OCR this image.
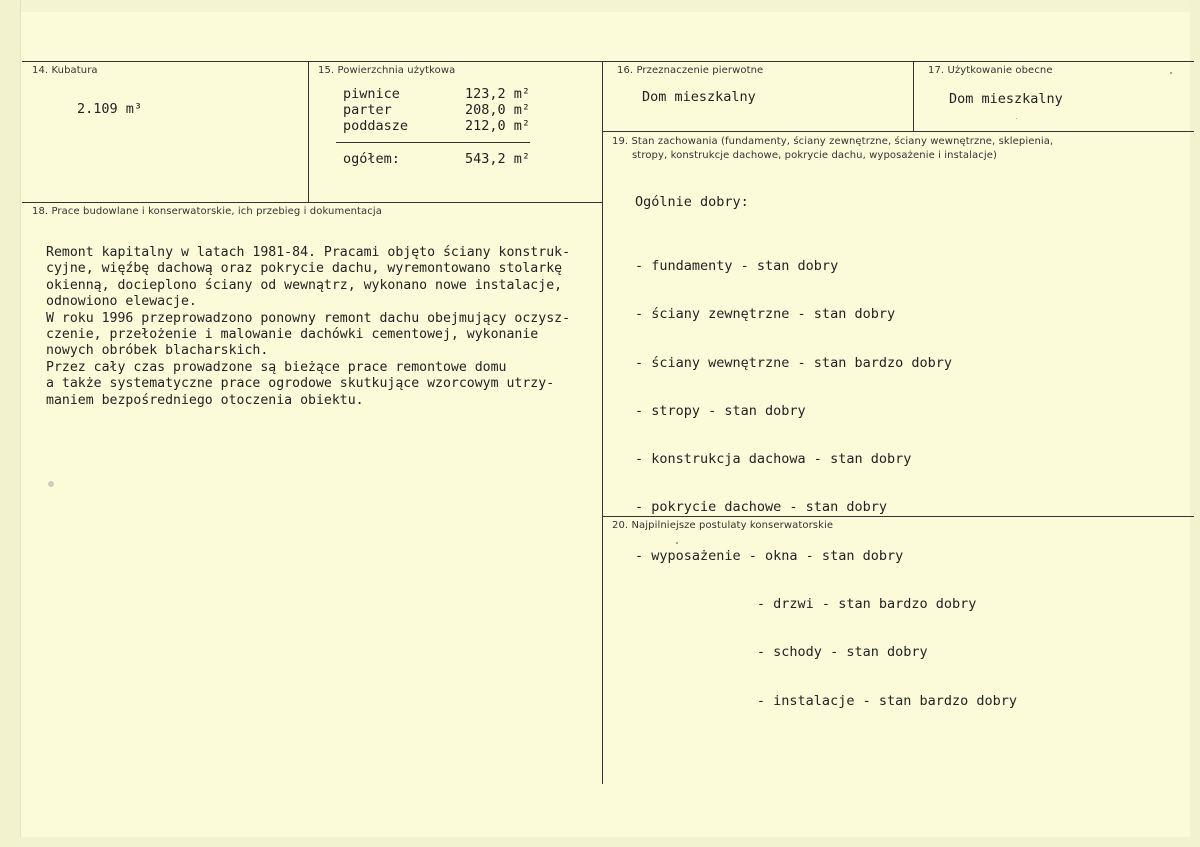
14. Kubatura
2.109 m³
15. Powierzchnia użytkowa
piwnice	123,2 m²
parter	208,0 m²
poddasze	212,0 m²
ogółem:	543,2 m²
16. Przeznaczenie pierwotne
Dom mieszkalny
17. Użytkowanie obecne
Dom mieszkalny
19. Stan zachowania (fundamenty, ściany zewnętrzne, ściany wewnętrzne, sklepienia,
stropy, konstrukcje dachowe, pokrycie dachu, wyposażenie i instalacje)
Ogólnie dobry:

- fundamenty - stan dobry

- ściany zewnętrzne - stan dobry

- ściany wewnętrzne - stan bardzo dobry

- stropy - stan dobry

- konstrukcja dachowa - stan dobry

- pokrycie dachowe - stan dobry

- wyposażenie - okna - stan dobry

- drzwi - stan bardzo dobry

- schody - stan dobry

- instalacje - stan bardzo dobry

18. Prace budowlane i konserwatorskie, ich przebieg i dokumentacja
Remont kapitalny w latach 1981-84. Pracami objęto ściany konstruk-
cyjne, więźbę dachową oraz pokrycie dachu, wyremontowano stolarkę
okienną, docieplono ściany od wewnątrz, wykonano nowe instalacje,
odnowiono elewacje.
W roku 1996 przeprowadzono ponowny remont dachu obejmujący oczysz-
czenie, przełożenie i malowanie dachówki cementowej, wykonanie
nowych obróbek blacharskich.
Przez cały czas prowadzone są bieżące prace remontowe domu
a także systematyczne prace ogrodowe skutkujące wzorcowym utrzy-
maniem bezpośredniego otoczenia obiektu.
20. Najpilniejsze postulaty konserwatorskie
